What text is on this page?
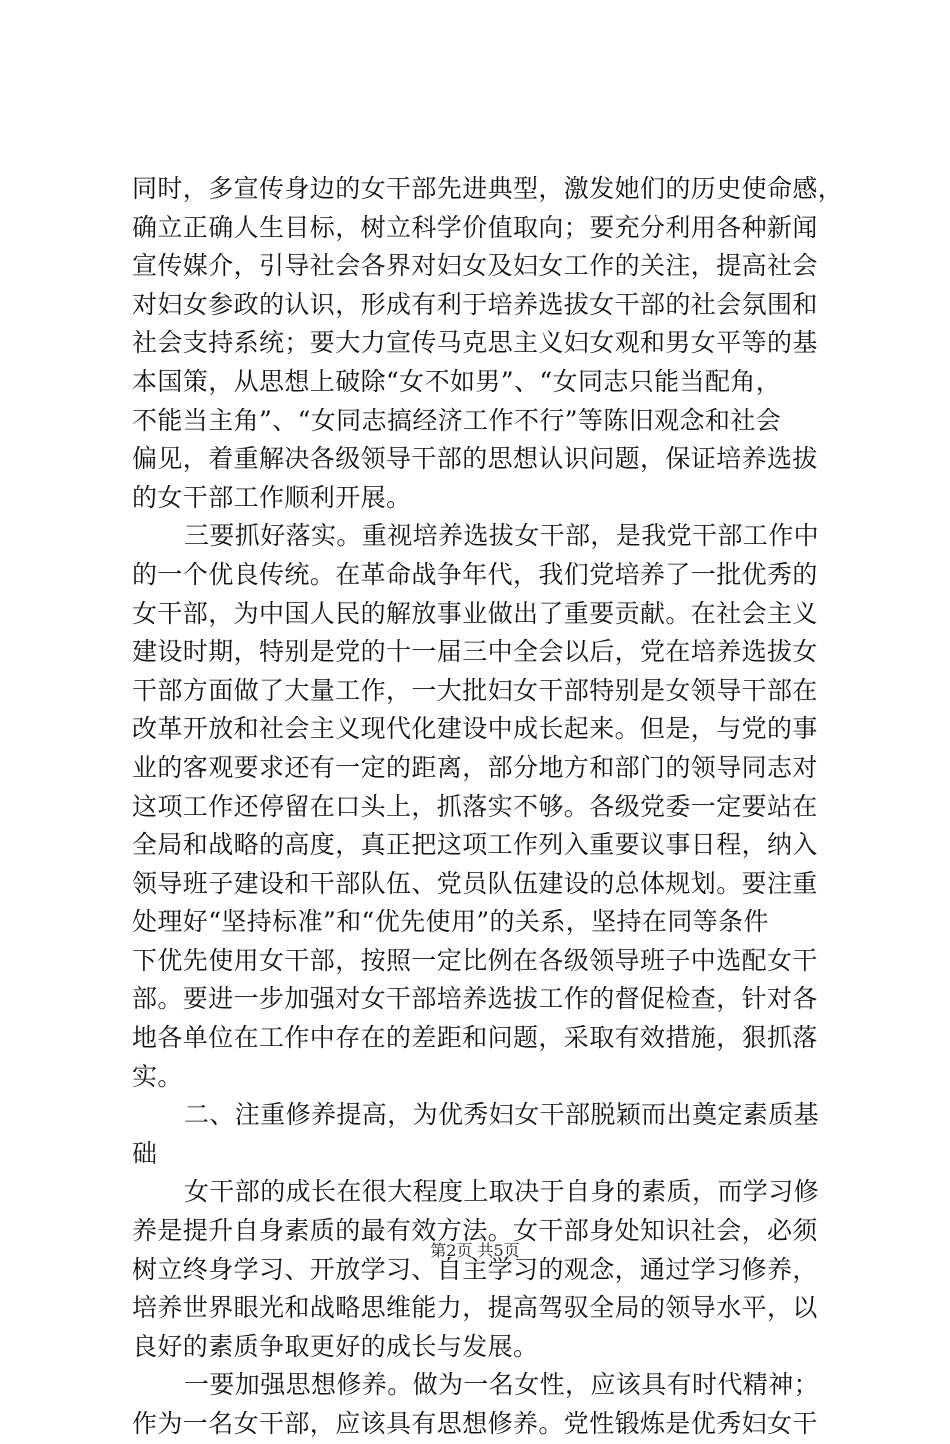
同时，多宣传身边的女干部先进典型，激发她们的历史使命感，
确立正确人生目标，树立科学价值取向；要充分利用各种新闻
宣传媒介，引导社会各界对妇女及妇女工作的关注，提高社会
对妇女参政的认识，形成有利于培养选拔女干部的社会氛围和
社会支持系统；要大力宣传马克思主义妇女观和男女平等的基
本国策，从思想上破除“女不如男”、“女同志只能当配角，
不能当主角”、“女同志搞经济工作不行”等陈旧观念和社会
偏见，着重解决各级领导干部的思想认识问题，保证培养选拔
的女干部工作顺利开展。
三要抓好落实。重视培养选拔女干部，是我党干部工作中
的一个优良传统。在革命战争年代，我们党培养了一批优秀的
女干部，为中国人民的解放事业做出了重要贡献。在社会主义
建设时期，特别是党的十一届三中全会以后，党在培养选拔女
干部方面做了大量工作，一大批妇女干部特别是女领导干部在
改革开放和社会主义现代化建设中成长起来。但是，与党的事
业的客观要求还有一定的距离，部分地方和部门的领导同志对
这项工作还停留在口头上，抓落实不够。各级党委一定要站在
全局和战略的高度，真正把这项工作列入重要议事日程，纳入
领导班子建设和干部队伍、党员队伍建设的总体规划。要注重
处理好“坚持标准”和“优先使用”的关系，坚持在同等条件
下优先使用女干部，按照一定比例在各级领导班子中选配女干
部。要进一步加强对女干部培养选拔工作的督促检查，针对各
地各单位在工作中存在的差距和问题，采取有效措施，狠抓落
实。
二、注重修养提高，为优秀妇女干部脱颖而出奠定素质基
础
女干部的成长在很大程度上取决于自身的素质，而学习修
养是提升自身素质的最有效方法。女干部身处知识社会，必须
树立终身学习、开放学习、自主学习的观念，通过学习修养，
培养世界眼光和战略思维能力，提高驾驭全局的领导水平，以
良好的素质争取更好的成长与发展。
一要加强思想修养。做为一名女性，应该具有时代精神；
作为一名女干部，应该具有思想修养。党性锻炼是优秀妇女干
第2页 共5页
